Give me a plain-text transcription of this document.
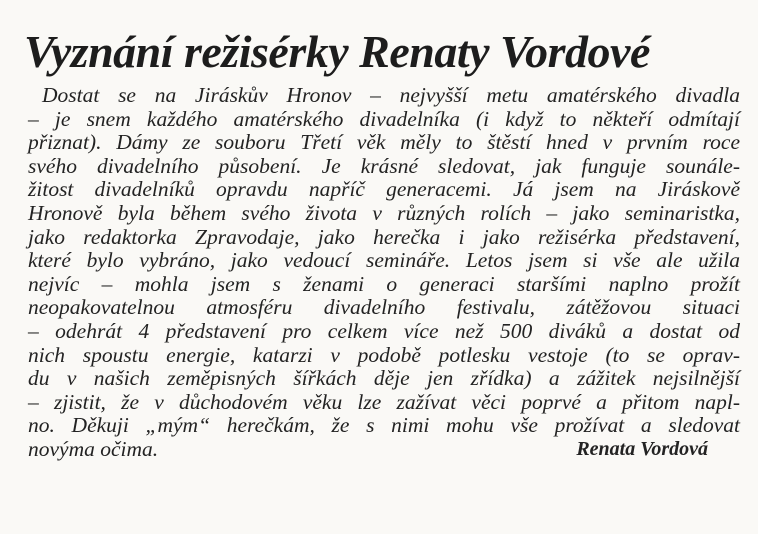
Vyznání režisérky Renaty Vordové
Dostat se na Jiráskův Hronov – nejvyšší metu amatérského divadla
– je snem každého amatérského divadelníka (i když to někteří odmítají
přiznat). Dámy ze souboru Třetí věk měly to štěstí hned v prvním roce
svého divadelního působení. Je krásné sledovat, jak funguje sounále-
žitost divadelníků opravdu napříč generacemi. Já jsem na Jiráskově
Hronově byla během svého života v různých rolích – jako seminaristka,
jako redaktorka Zpravodaje, jako herečka i jako režisérka představení,
které bylo vybráno, jako vedoucí semináře. Letos jsem si vše ale užila
nejvíc – mohla jsem s ženami o generaci staršími naplno prožít
neopakovatelnou atmosféru divadelního festivalu, zátěžovou situaci
– odehrát 4 představení pro celkem více než 500 diváků a dostat od
nich spoustu energie, katarzi v podobě potlesku vestoje (to se oprav-
du v našich zeměpisných šířkách děje jen zřídka) a zážitek nejsilnější
– zjistit, že v důchodovém věku lze zažívat věci poprvé a přitom napl-
no. Děkuji „mým“ herečkám, že s nimi mohu vše prožívat a sledovat
novýma očima.	Renata Vordová
